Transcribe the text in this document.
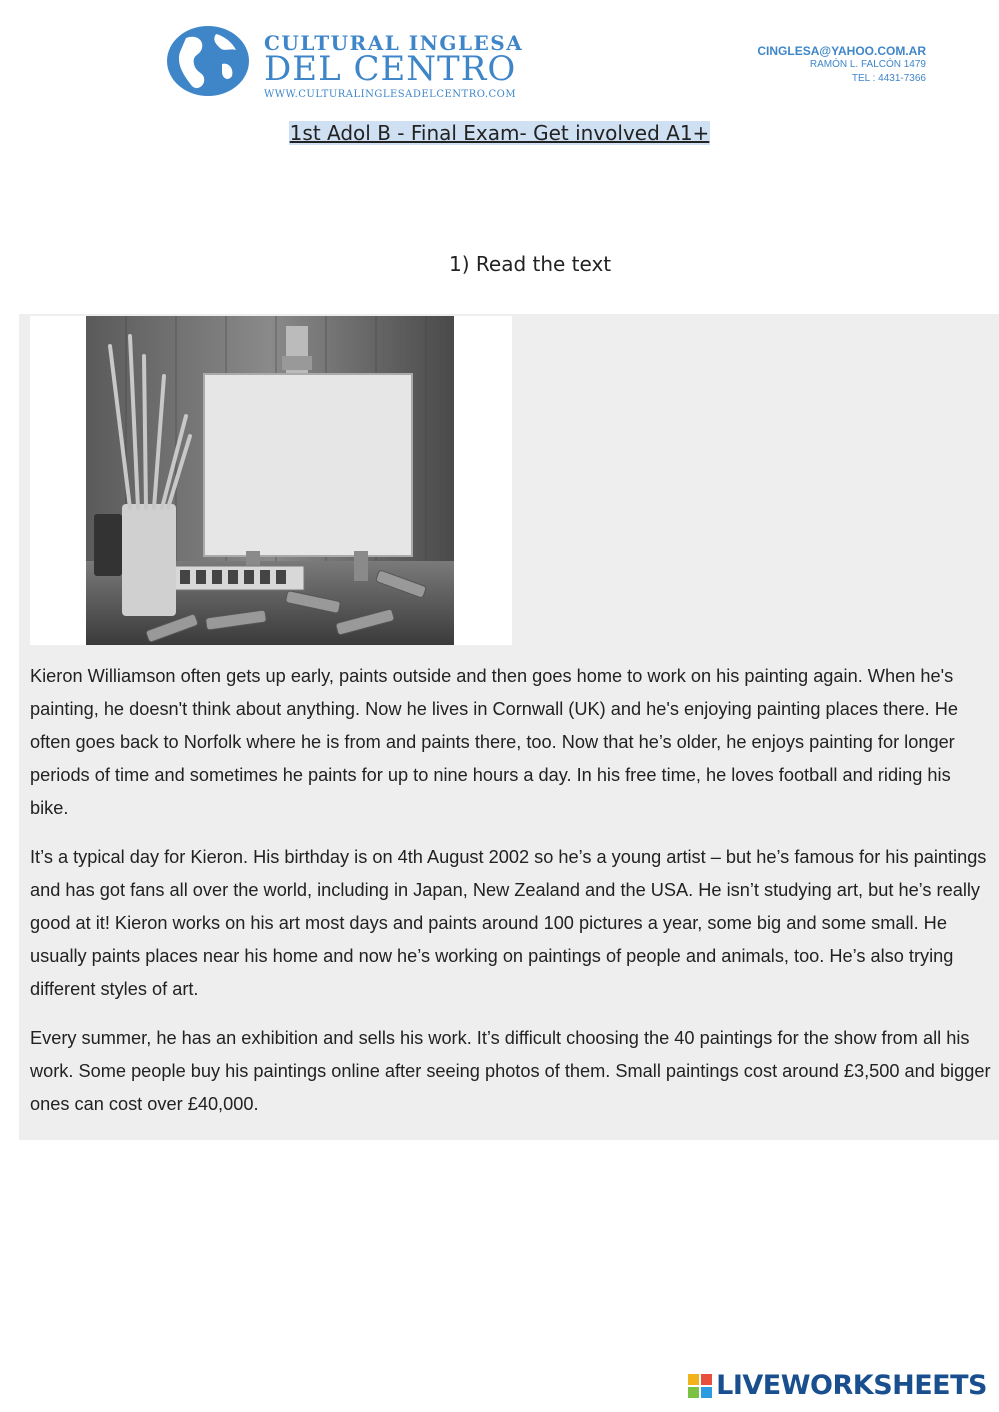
CULTURAL INGLESA
DEL CENTRO
WWW.CULTURALINGLESADELCENTRO.COM
CINGLESA@YAHOO.COM.AR
RAMÓN L. FALCÓN 1479
TEL : 4431-7366
1st Adol B - Final Exam- Get involved A1+
1) Read the text

Kieron Williamson often gets up early, paints outside and then goes home to work on his painting again. When he's painting, he doesn't think about anything. Now he lives in Cornwall (UK) and he's enjoying painting places there. He often goes back to Norfolk where he is from and paints there, too. Now that he’s older, he enjoys painting for longer periods of time and sometimes he paints for up to nine hours a day. In his free time, he loves football and riding his bike.

It’s a typical day for Kieron. His birthday is on 4th August 2002 so he’s a young artist – but he’s famous for his paintings and has got fans all over the world, including in Japan, New Zealand and the USA. He isn’t studying art, but he’s really good at it! Kieron works on his art most days and paints around 100 pictures a year, some big and some small. He usually paints places near his home and now he’s working on paintings of people and animals, too. He’s also trying different styles of art.

Every summer, he has an exhibition and sells his work. It’s difficult choosing the 40 paintings for the show from all his work. Some people buy his paintings online after seeing photos of them. Small paintings cost around £3,500 and bigger ones can cost over £40,000.

LIVEWORKSHEETS
